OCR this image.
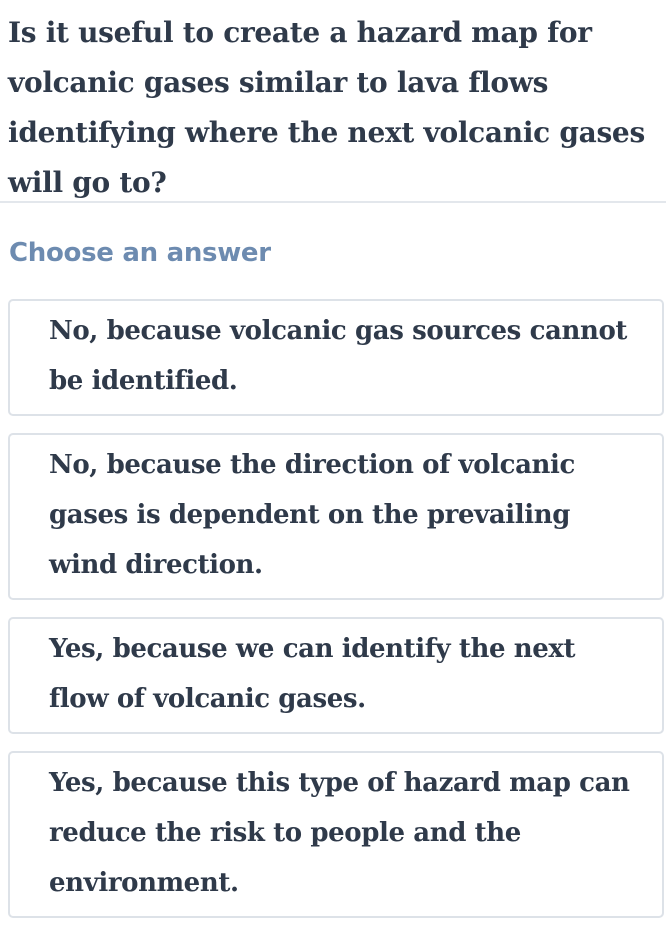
Is it useful to create a hazard map for volcanic gases similar to lava flows identifying where the next volcanic gases will go to?
Choose an answer
No, because volcanic gas sources cannot be identified.
No, because the direction of volcanic gases is dependent on the prevailing wind direction.
Yes, because we can identify the next flow of volcanic gases.
Yes, because this type of hazard map can reduce the risk to people and the environment.
